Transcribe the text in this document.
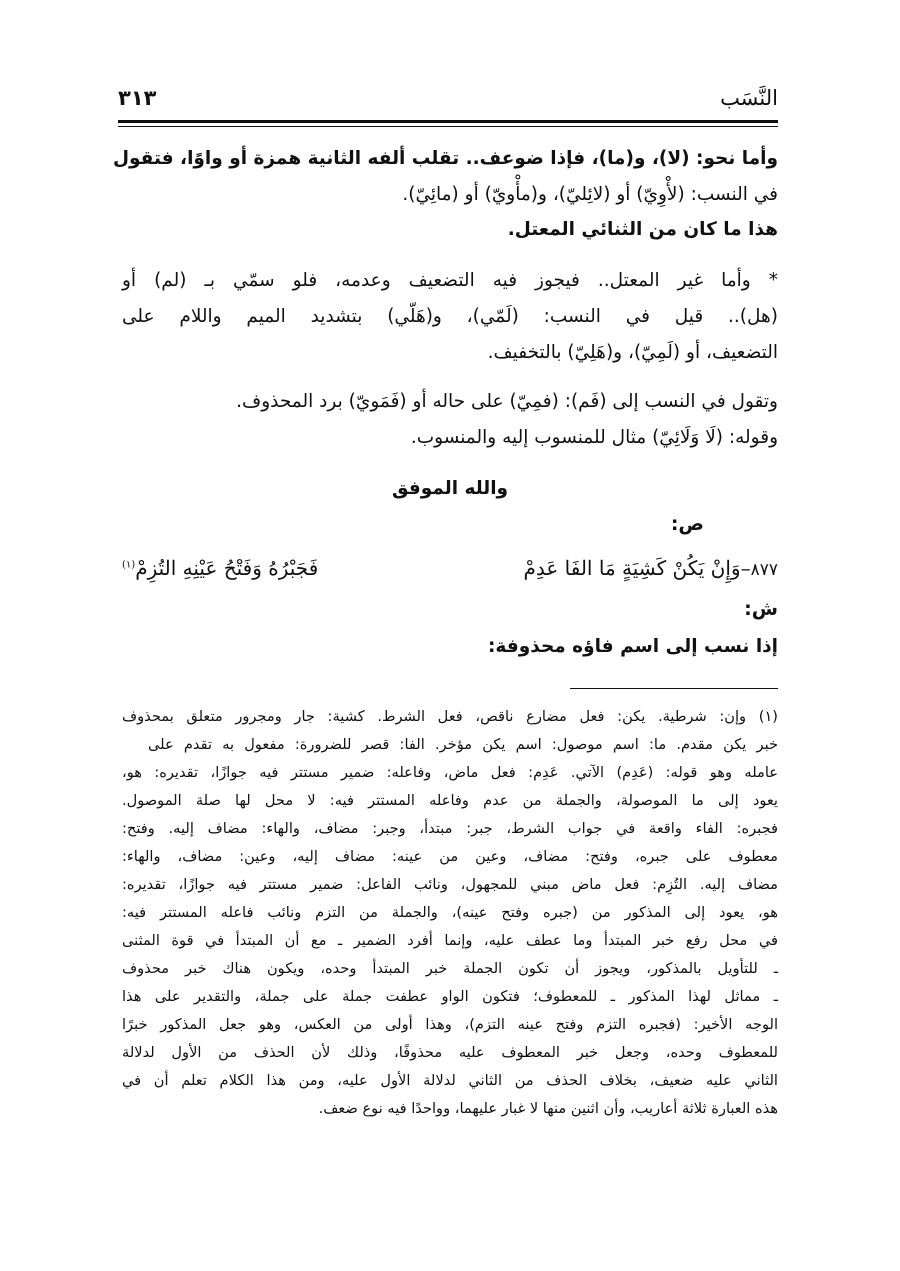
النَّسَب
٣١٣
وأما نحو: (لا)، و(ما)، فإذا ضوعف.. تقلب ألفه الثانية همزة أو واوًا، فتقول
في النسب: (لأْوِيّ) أو (لائِليّ)، و(مأْويّ) أو (مائِيّ).
هذا ما كان من الثنائي المعتل.
* وأما غير المعتل.. فيجوز فيه التضعيف وعدمه، فلو سمّي بـ (لم) أو
(هل).. قيل في النسب: (لَمّي)، و(هَلّي) بتشديد الميم واللام على
التضعيف، أو (لَمِيّ)، و(هَلِيّ) بالتخفيف.
وتقول في النسب إلى (فَم): (فمِيّ) على حاله أو (فَمَويّ) برد المحذوف.
وقوله: (لَا وَلَائِيّ) مثال للمنسوب إليه والمنسوب.
والله الموفق
ص:
٨٧٧–وَإِنْ يَكُنْ كَشِيَةٍ مَا الفَا عَدِمْ
فَجَبْرُهُ وَفَتْحُ عَيْنِهِ التُزِمْ$^{(١)}$
ش:
إذا نسب إلى اسم فاؤه محذوفة:
(١) وإن: شرطية. يكن: فعل مضارع ناقص، فعل الشرط. كشية: جار ومجرور متعلق بمحذوف
خبر يكن مقدم. ما: اسم موصول: اسم يكن مؤخر. الفا: قصر للضرورة: مفعول به تقدم على
عامله وهو قوله: (عَدِم) الآتي. عَدِم: فعل ماض، وفاعله: ضمير مستتر فيه جوازًا، تقديره: هو،
يعود إلى ما الموصولة، والجملة من عدم وفاعله المستتر فيه: لا محل لها صلة الموصول.
فجبره: الفاء واقعة في جواب الشرط، جبر: مبتدأ، وجبر: مضاف، والهاء: مضاف إليه. وفتح:
معطوف على جبره، وفتح: مضاف، وعين من عينه: مضاف إليه، وعين: مضاف، والهاء:
مضاف إليه. التُزِم: فعل ماض مبني للمجهول، ونائب الفاعل: ضمير مستتر فيه جوازًا، تقديره:
هو، يعود إلى المذكور من (جبره وفتح عينه)، والجملة من التزم ونائب فاعله المستتر فيه:
في محل رفع خبر المبتدأ وما عطف عليه، وإنما أفرد الضمير ـ مع أن المبتدأ في قوة المثنى
ـ للتأويل بالمذكور، ويجوز أن تكون الجملة خبر المبتدأ وحده، ويكون هناك خبر محذوف
ـ مماثل لهذا المذكور ـ للمعطوف؛ فتكون الواو عطفت جملة على جملة، والتقدير على هذا
الوجه الأخير: (فجبره التزم وفتح عينه التزم)، وهذا أولى من العكس، وهو جعل المذكور خبرًا
للمعطوف وحده، وجعل خبر المعطوف عليه محذوفًا، وذلك لأن الحذف من الأول لدلالة
الثاني عليه ضعيف، بخلاف الحذف من الثاني لدلالة الأول عليه، ومن هذا الكلام تعلم أن في
هذه العبارة ثلاثة أعاريب، وأن اثنين منها لا غبار عليهما، وواحدًا فيه نوع ضعف.
